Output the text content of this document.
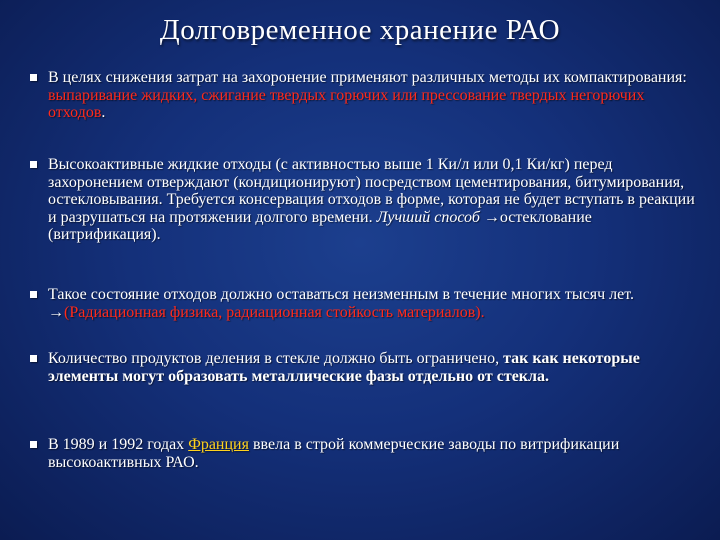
Долговременное хранение РАО
В целях снижения затрат на захоронение применяют различных методы их компактирования: выпаривание жидких, сжигание твердых горючих или прессование твердых негорючих отходов.
Высокоактивные жидкие отходы (с активностью выше 1 Ки/л или 0,1 Ки/кг) перед захоронением отверждают (кондиционируют) посредством цементирования, битумирования, остекловывания. Требуется консервация отходов в форме, которая не будет вступать в реакции и разрушаться на протяжении долгого времени. Лучший способ →остеклование (витрификация).
Такое состояние отходов должно оставаться неизменным в течение многих тысяч лет. →(Радиационная физика, радиационная стойкость материалов).
Количество продуктов деления в стекле должно быть ограничено, так как некоторые элементы могут образовать металлические фазы отдельно от стекла.
В 1989 и 1992 годах Франция ввела в строй коммерческие заводы по витрификации высокоактивных РАО.
